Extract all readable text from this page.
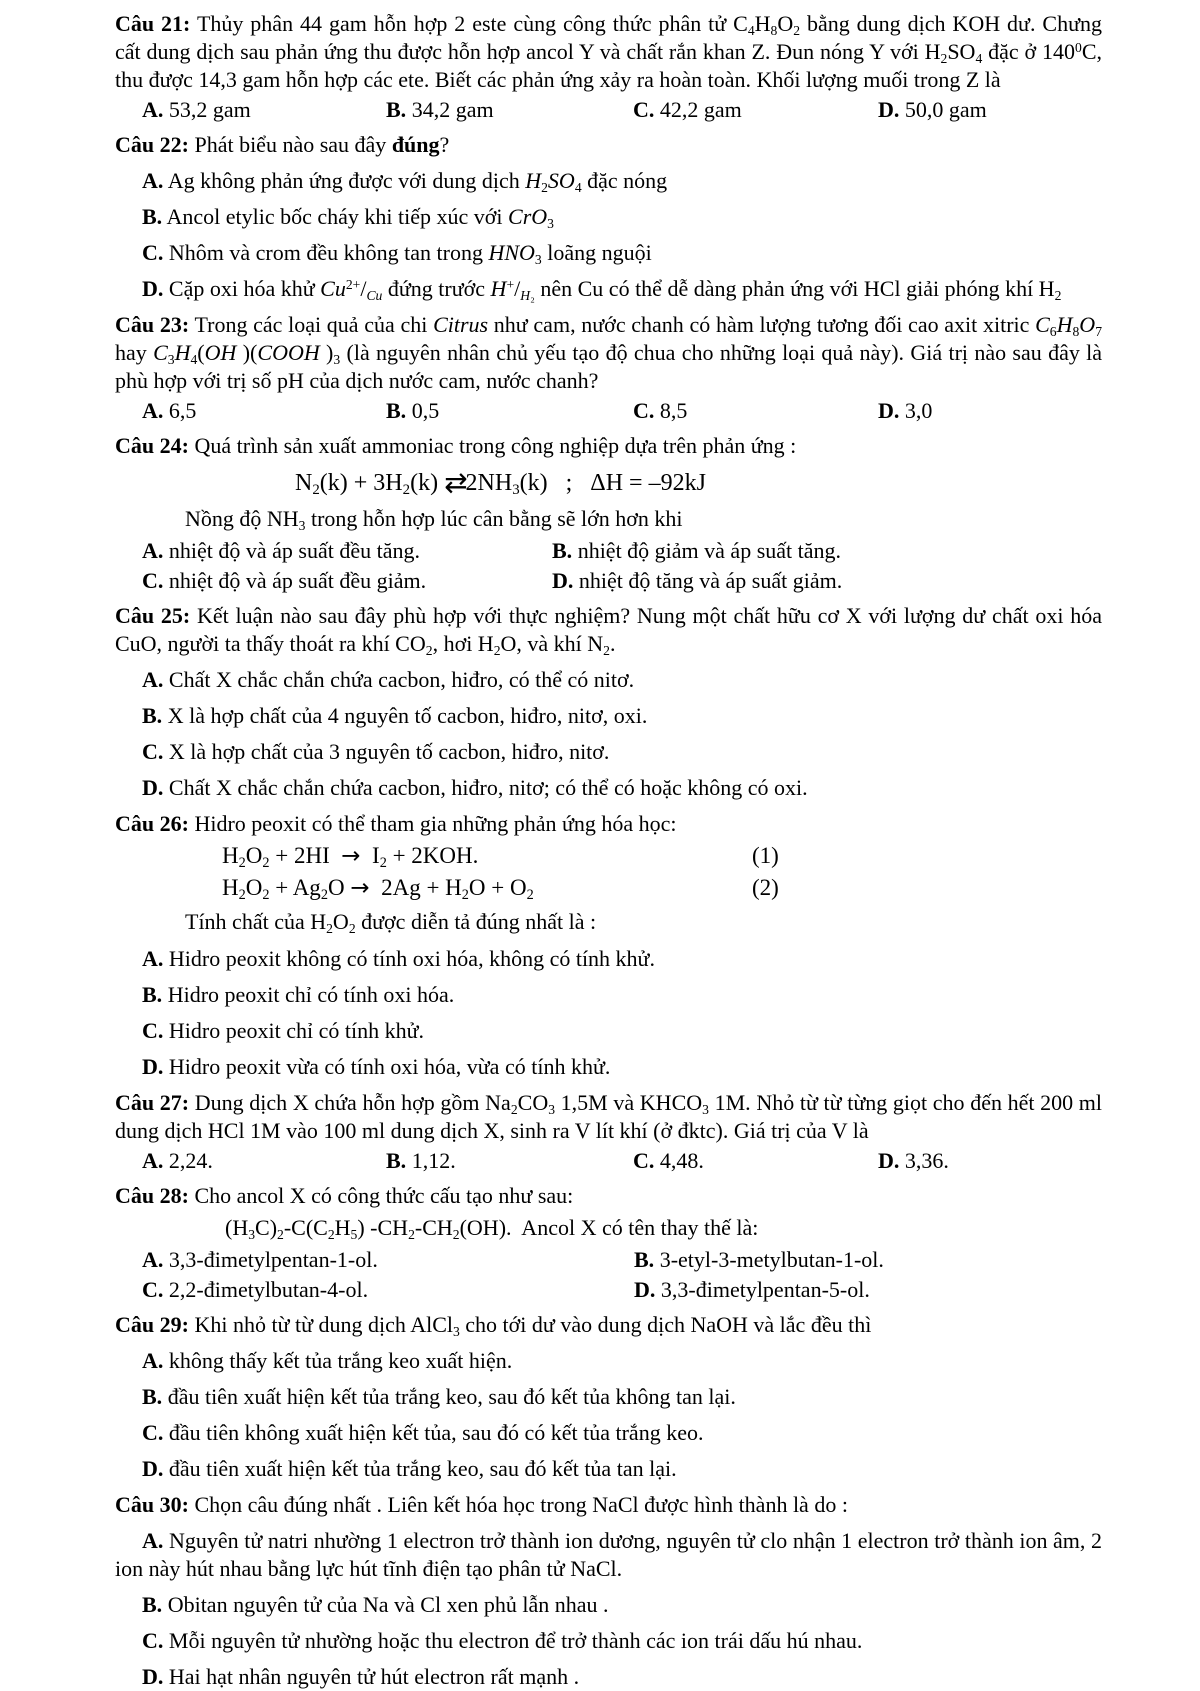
Câu 21: Thủy phân 44 gam hỗn hợp 2 este cùng công thức phân tử $C_4H_8O_2$ bằng dung dịch KOH dư. Chưng cất dung dịch sau phản ứng thu được hỗn hợp ancol Y và chất rắn khan Z. Đun nóng Y với $H_2SO_4$ đặc ở $140^0C$, thu được 14,3 gam hỗn hợp các ete. Biết các phản ứng xảy ra hoàn toàn. Khối lượng muối trong Z là

A. 53,2 gam	B. 34,2 gam	C. 42,2 gam	D. 50,0 gam

Câu 22: Phát biểu nào sau đây đúng?

A. Ag không phản ứng được với dung dịch $H_2SO_4$ đặc nóng
B. Ancol etylic bốc cháy khi tiếp xúc với CrO$_3$
C. Nhôm và crom đều không tan trong $HNO_3$ loãng nguội
D. Cặp oxi hóa khử $Cu^{2+}/_{Cu}$ đứng trước $H^+/_{H_2}$ nên Cu có thể dễ dàng phản ứng với HCl giải phóng khí $H_2$

Câu 23: Trong các loại quả của chi Citrus như cam, nước chanh có hàm lượng tương đối cao axit xitric $C_6H_8O_7$ hay $C_3H_4(OH$ )(COOH )$_3$ (là nguyên nhân chủ yếu tạo độ chua cho những loại quả này). Giá trị nào sau đây là phù hợp với trị số pH của dịch nước cam, nước chanh?

A. 6,5	B. 0,5	C. 8,5	D. 3,0

Câu 24: Quá trình sản xuất ammoniac trong công nghiệp dựa trên phản ứng :

$N_2(k) + 3H_2(k)$ $⇄2NH_3(k)$   ;   ΔH = –92kJ
Nồng độ $NH_3$ trong hỗn hợp lúc cân bằng sẽ lớn hơn khi
A. nhiệt độ và áp suất đều tăng.	B. nhiệt độ giảm và áp suất tăng.
C. nhiệt độ và áp suất đều giảm.	D. nhiệt độ tăng và áp suất giảm.

Câu 25: Kết luận nào sau đây phù hợp với thực nghiệm? Nung một chất hữu cơ X với lượng dư chất oxi hóa CuO, người ta thấy thoát ra khí $CO_2$, hơi $H_2O$, và khí $N_2$.

A. Chất X chắc chắn chứa cacbon, hiđro, có thể có nitơ.
B. X là hợp chất của 4 nguyên tố cacbon, hiđro, nitơ, oxi.
C. X là hợp chất của 3 nguyên tố cacbon, hiđro, nitơ.
D. Chất X chắc chắn chứa cacbon, hiđro, nitơ; có thể có hoặc không có oxi.

Câu 26: Hidro peoxit có thể tham gia những phản ứng hóa học:

$H_2O_2 + 2HI \to I_2 + 2KOH$.	(1)
$H_2O_2 + Ag_2O \to 2Ag + H_2O + O_2$	(2)
Tính chất của $H_2O_2$ được diễn tả đúng nhất là :
A. Hidro peoxit không có tính oxi hóa, không có tính khử.
B. Hidro peoxit chỉ có tính oxi hóa.
C. Hidro peoxit chỉ có tính khử.
D. Hidro peoxit vừa có tính oxi hóa, vừa có tính khử.

Câu 27: Dung dịch X chứa hỗn hợp gồm $Na_2CO_3$ 1,5M và $KHCO_3$ 1M. Nhỏ từ từ từng giọt cho đến hết 200 ml dung dịch HCl 1M vào 100 ml dung dịch X, sinh ra V lít khí (ở đktc). Giá trị của V là

A. 2,24.	B. 1,12.	C. 4,48.	D. 3,36.

Câu 28: Cho ancol X có công thức cấu tạo như sau:

$(H_3C)_2-C(C_2H_5)$ $-CH_2-CH_2(OH)$.  Ancol X có tên thay thế là:
A. 3,3-đimetylpentan-1-ol.	B. 3-etyl-3-metylbutan-1-ol.
C. 2,2-đimetylbutan-4-ol.	D. 3,3-đimetylpentan-5-ol.

Câu 29: Khi nhỏ từ từ dung dịch AlCl$_3$ cho tới dư vào dung dịch NaOH và lắc đều thì

A. không thấy kết tủa trắng keo xuất hiện.
B. đầu tiên xuất hiện kết tủa trắng keo, sau đó kết tủa không tan lại.
C. đầu tiên không xuất hiện kết tủa, sau đó có kết tủa trắng keo.
D. đầu tiên xuất hiện kết tủa trắng keo, sau đó kết tủa tan lại.

Câu 30: Chọn câu đúng nhất . Liên kết hóa học trong NaCl được hình thành là do :

A. Nguyên tử natri nhường 1 electron trở thành ion dương, nguyên tử clo nhận 1 electron trở thành ion âm, 2 ion này hút nhau bằng lực hút tĩnh điện tạo phân tử NaCl.
B. Obitan nguyên tử của Na và Cl xen phủ lẫn nhau .
C. Mỗi nguyên tử nhường hoặc thu electron để trở thành các ion trái dấu hú nhau.
D. Hai hạt nhân nguyên tử hút electron rất mạnh .
